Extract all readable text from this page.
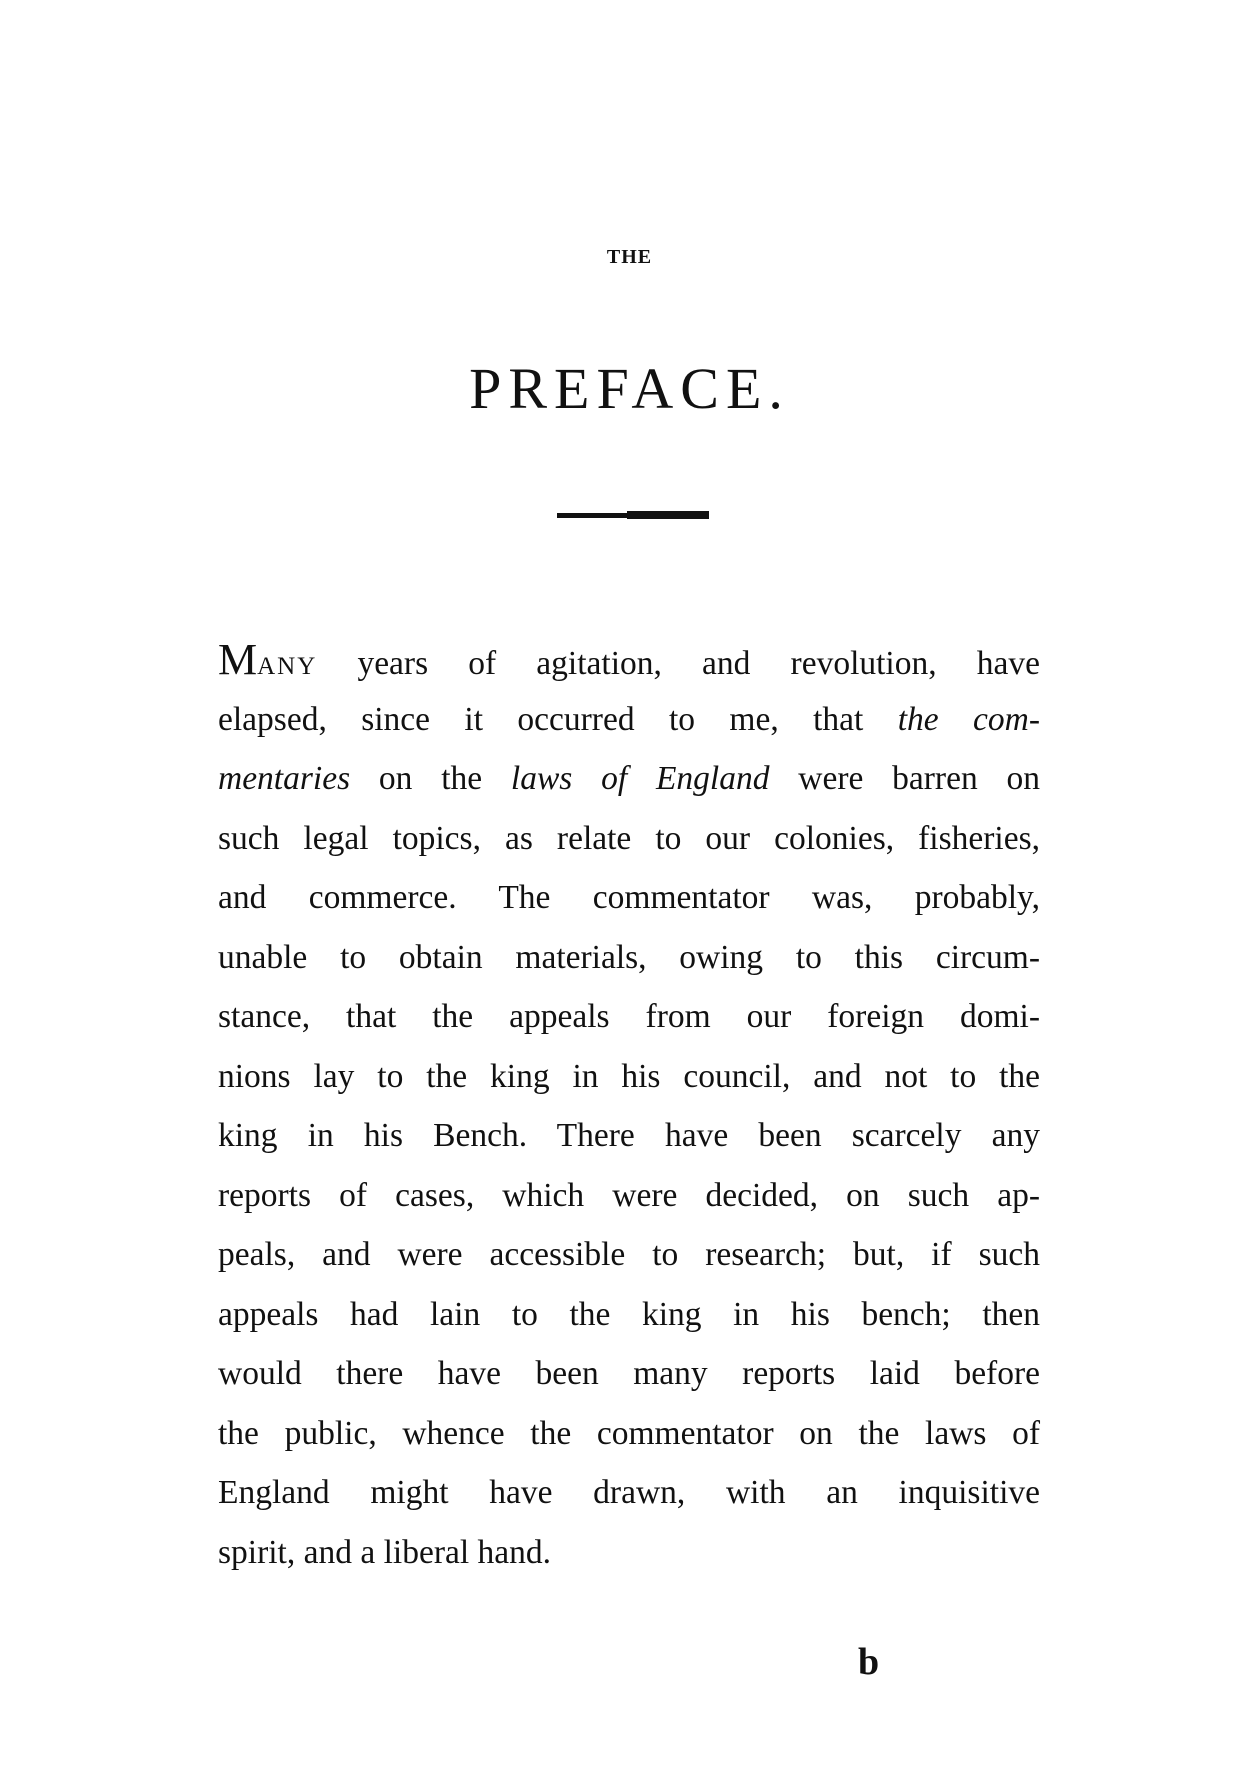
THE
PREFACE.
MANY years of agitation, and revolution, have
elapsed, since it occurred to me, that the com-
mentaries on the laws of England were barren on
such legal topics, as relate to our colonies, fisheries,
and commerce. The commentator was, probably,
unable to obtain materials, owing to this circum-
stance, that the appeals from our foreign domi-
nions lay to the king in his council, and not to the
king in his Bench. There have been scarcely any
reports of cases, which were decided, on such ap-
peals, and were accessible to research; but, if such
appeals had lain to the king in his bench; then
would there have been many reports laid before
the public, whence the commentator on the laws of
England might have drawn, with an inquisitive
spirit, and a liberal hand.
b
